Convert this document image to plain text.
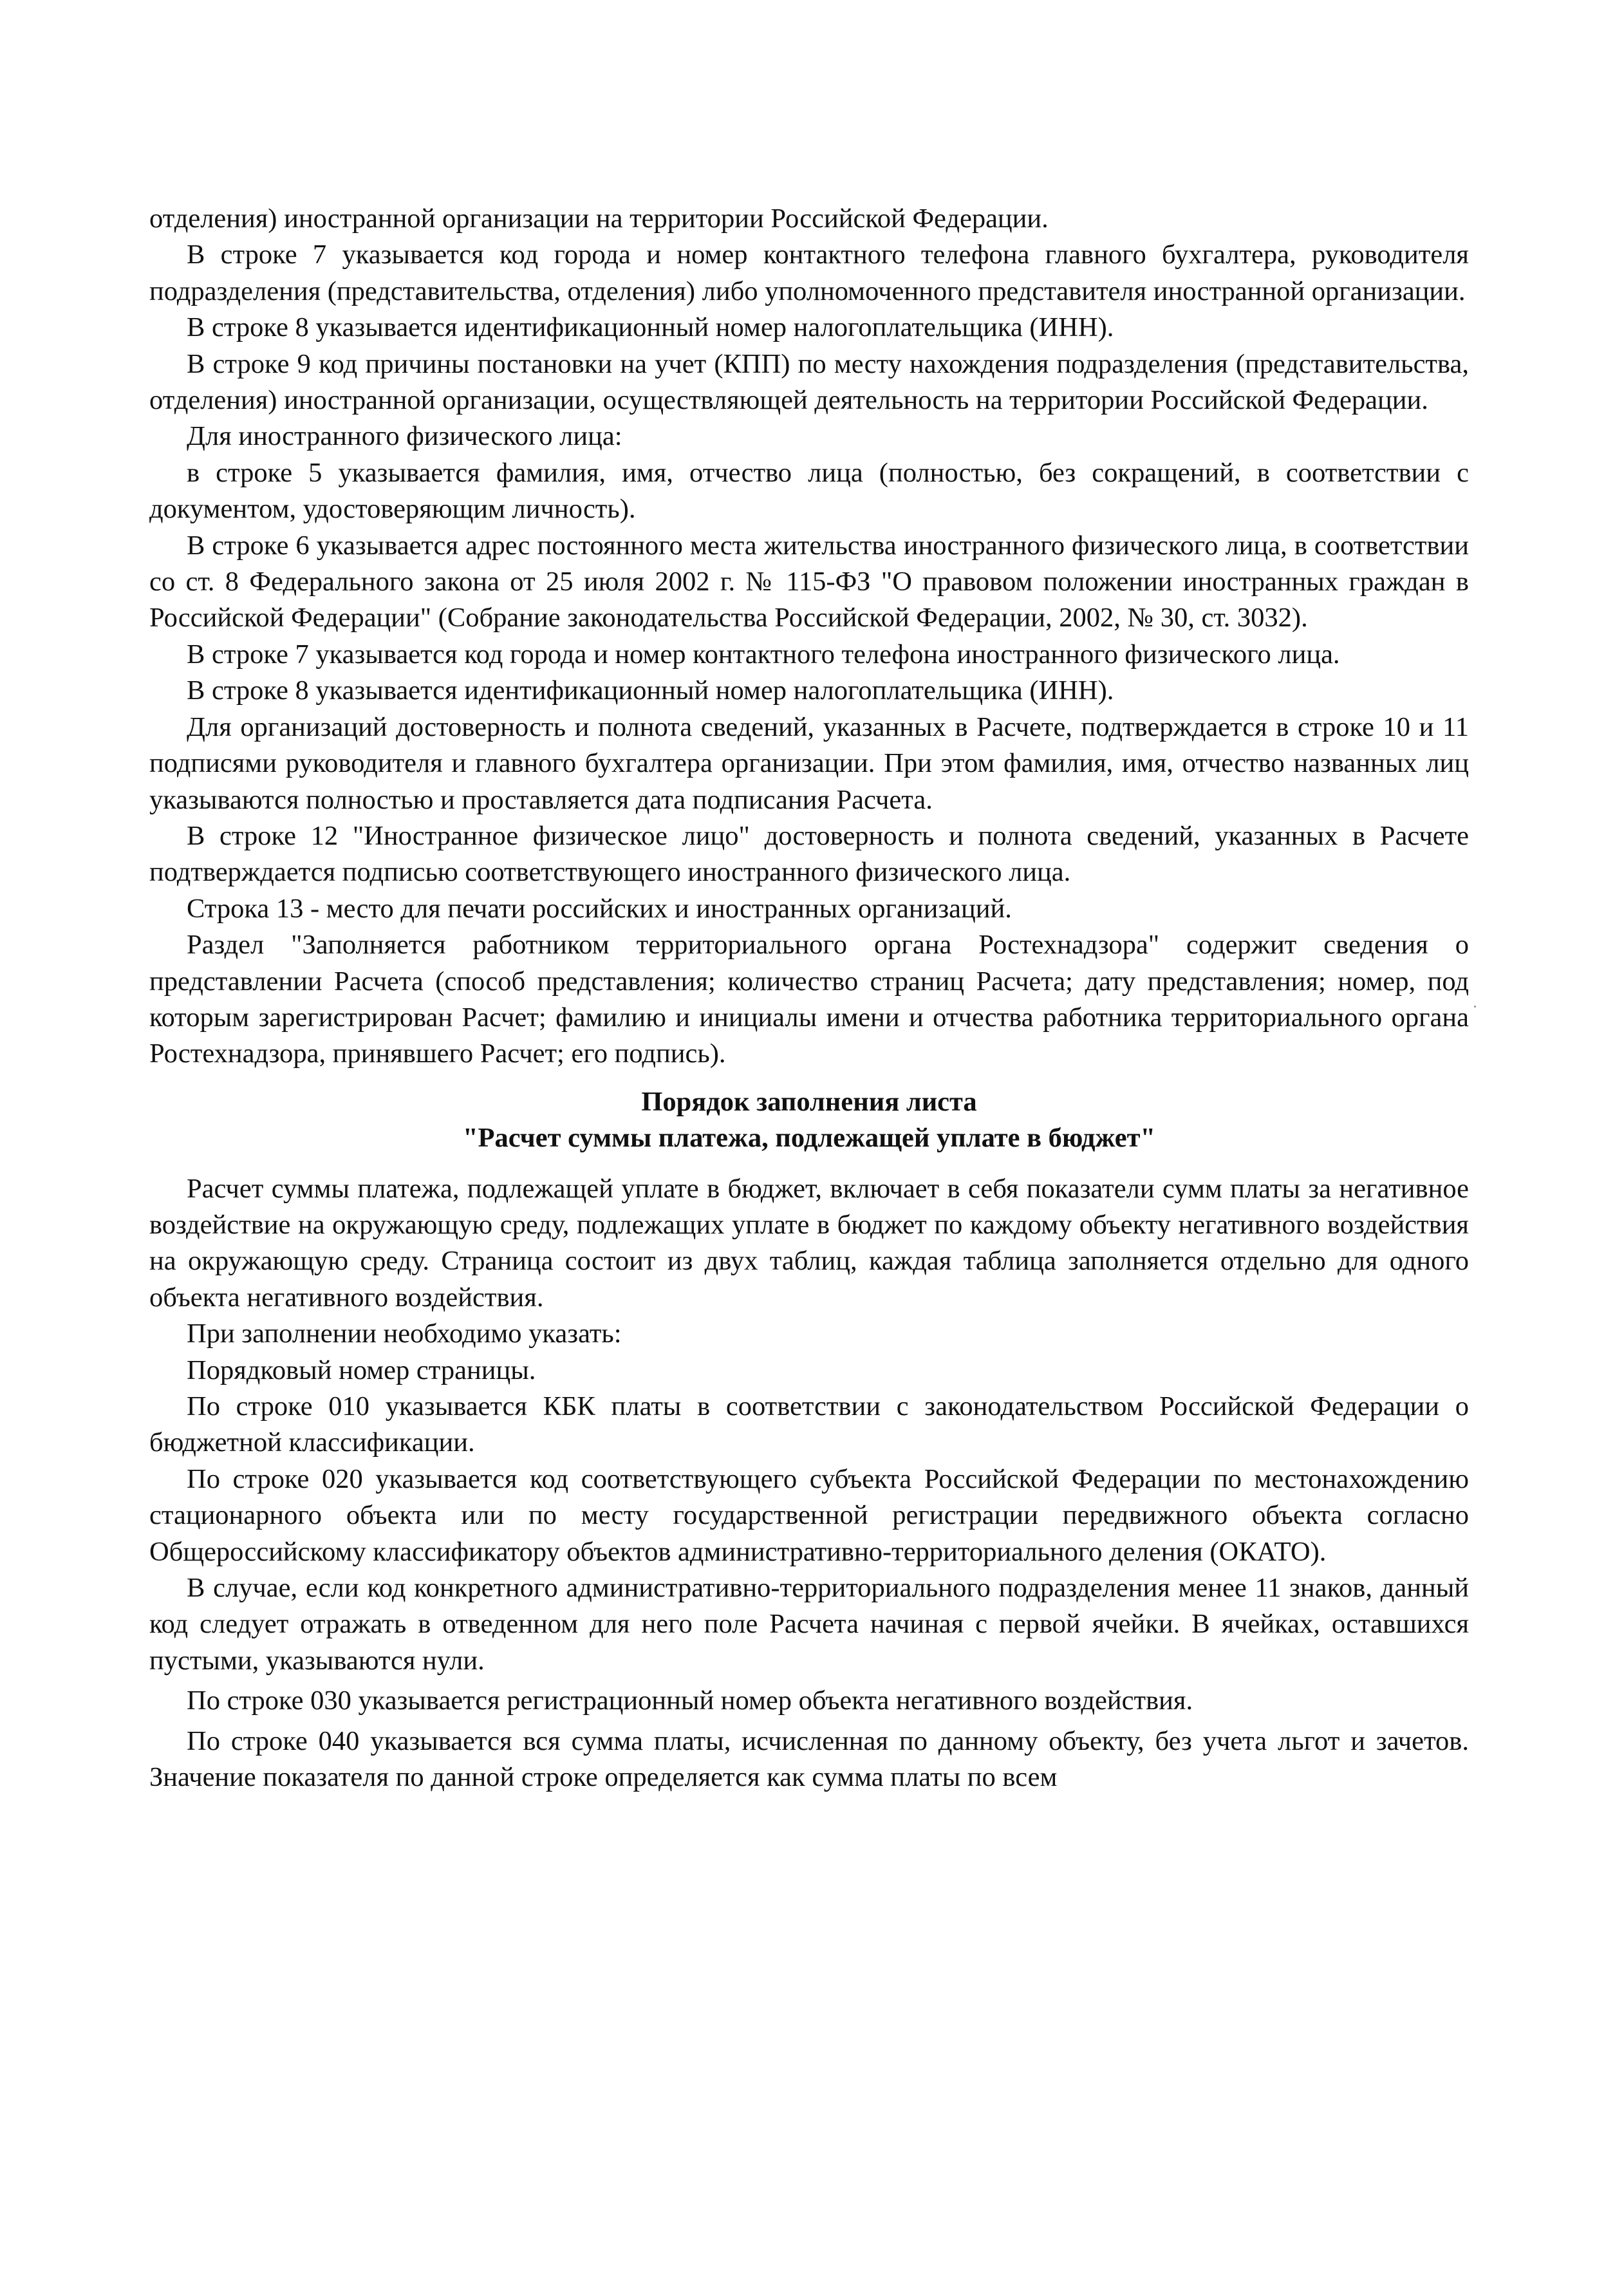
отделения) иностранной организации на территории Российской Федерации.

В строке 7 указывается код города и номер контактного телефона главного бухгалтера, руководителя подразделения (представительства, отделения) либо уполномоченного представителя иностранной организации.

В строке 8 указывается идентификационный номер налогоплательщика (ИНН).

В строке 9 код причины постановки на учет (КПП) по месту нахождения подразделения (представительства, отделения) иностранной организации, осуществляющей деятельность на территории Российской Федерации.

Для иностранного физического лица:

в строке 5 указывается фамилия, имя, отчество лица (полностью, без сокращений, в соответствии с документом, удостоверяющим личность).

В строке 6 указывается адрес постоянного места жительства иностранного физического лица, в соответствии со ст. 8 Федерального закона от 25 июля 2002 г. № 115-ФЗ "О правовом положении иностранных граждан в Российской Федерации" (Собрание законодательства Российской Федерации, 2002, № 30, ст. 3032).

В строке 7 указывается код города и номер контактного телефона иностранного физического лица.

В строке 8 указывается идентификационный номер налогоплательщика (ИНН).

Для организаций достоверность и полнота сведений, указанных в Расчете, подтверждается в строке 10 и 11 подписями руководителя и главного бухгалтера организации. При этом фамилия, имя, отчество названных лиц указываются полностью и проставляется дата подписания Расчета.

В строке 12 "Иностранное физическое лицо" достоверность и полнота сведений, указанных в Расчете подтверждается подписью соответствующего иностранного физического лица.

Строка 13 - место для печати российских и иностранных организаций.

Раздел "Заполняется работником территориального органа Ростехнадзора" содержит сведения о представлении Расчета (способ представления; количество страниц Расчета; дату представления; номер, под которым зарегистрирован Расчет; фамилию и инициалы имени и отчества работника территориального органа Ростехнадзора, принявшего Расчет; его подпись).

Порядок заполнения листа

"Расчет суммы платежа, подлежащей уплате в бюджет"

Расчет суммы платежа, подлежащей уплате в бюджет, включает в себя показатели сумм платы за негативное воздействие на окружающую среду, подлежащих уплате в бюджет по каждому объекту негативного воздействия на окружающую среду. Страница состоит из двух таблиц, каждая таблица заполняется отдельно для одного объекта негативного воздействия.

При заполнении необходимо указать:

Порядковый номер страницы.

По строке 010 указывается КБК платы в соответствии с законодательством Российской Федерации о бюджетной классификации.

По строке 020 указывается код соответствующего субъекта Российской Федерации по местонахождению стационарного объекта или по месту государственной регистрации передвижного объекта согласно Общероссийскому классификатору объектов административно-территориального деления (ОКАТО).

В случае, если код конкретного административно-территориального подразделения менее 11 знаков, данный код следует отражать в отведенном для него поле Расчета начиная с первой ячейки. В ячейках, оставшихся пустыми, указываются нули.

По строке 030 указывается регистрационный номер объекта негативного воздействия.

По строке 040 указывается вся сумма платы, исчисленная по данному объекту, без учета льгот и зачетов. Значение показателя по данной строке определяется как сумма платы по всем
